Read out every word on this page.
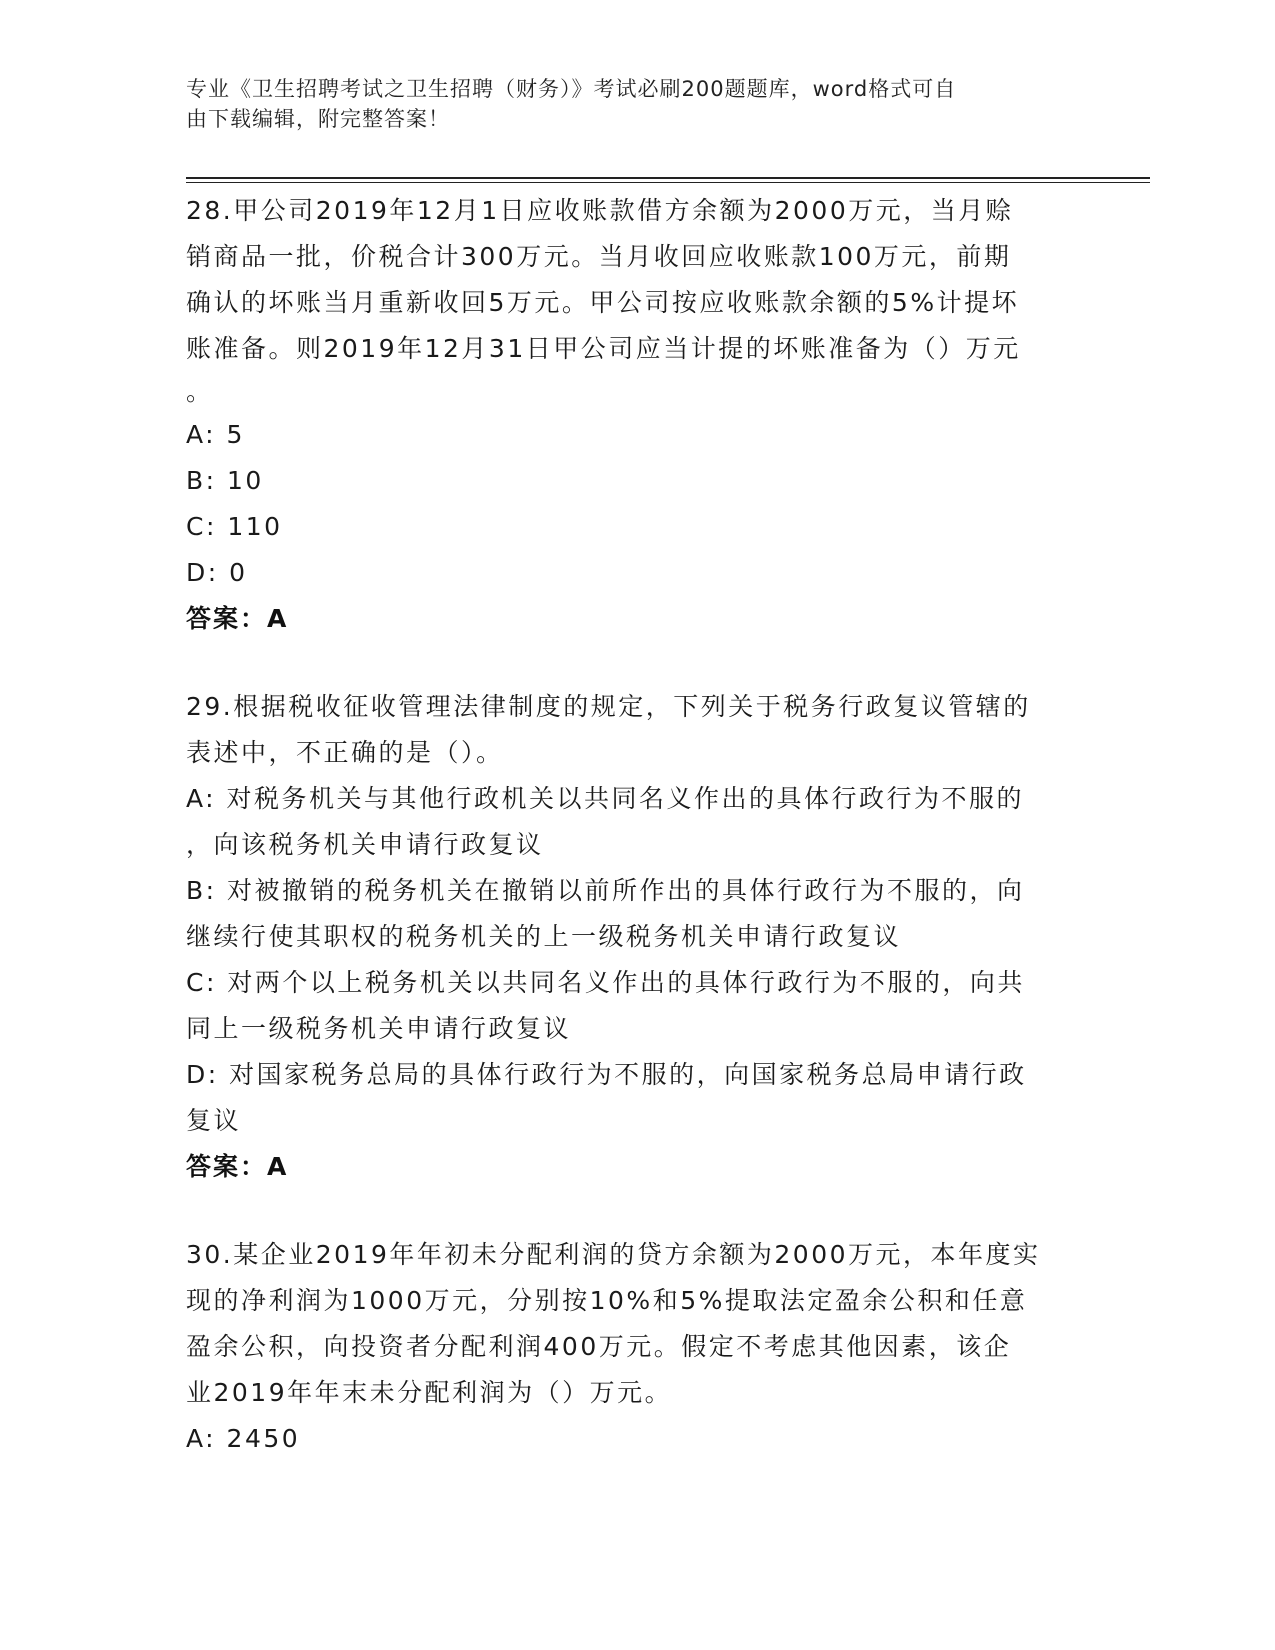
专业《卫生招聘考试之卫生招聘（财务）》考试必刷200题题库，word格式可自
由下载编辑，附完整答案！

28.甲公司2019年12月1日应收账款借方余额为2000万元，当月赊

销商品一批，价税合计300万元。当月收回应收账款100万元，前期

确认的坏账当月重新收回5万元。甲公司按应收账款余额的5%计提坏

账准备。则2019年12月31日甲公司应当计提的坏账准备为（）万元

。

A: 5

B: 10

C: 110

D: 0

答案：A

29.根据税收征收管理法律制度的规定，下列关于税务行政复议管辖的

表述中，不正确的是（）。

A: 对税务机关与其他行政机关以共同名义作出的具体行政行为不服的

，向该税务机关申请行政复议

B: 对被撤销的税务机关在撤销以前所作出的具体行政行为不服的，向

继续行使其职权的税务机关的上一级税务机关申请行政复议

C: 对两个以上税务机关以共同名义作出的具体行政行为不服的，向共

同上一级税务机关申请行政复议

D: 对国家税务总局的具体行政行为不服的，向国家税务总局申请行政

复议

答案：A

30.某企业2019年年初未分配利润的贷方余额为2000万元，本年度实

现的净利润为1000万元，分别按10%和5%提取法定盈余公积和任意

盈余公积，向投资者分配利润400万元。假定不考虑其他因素，该企

业2019年年末未分配利润为（）万元。

A: 2450
